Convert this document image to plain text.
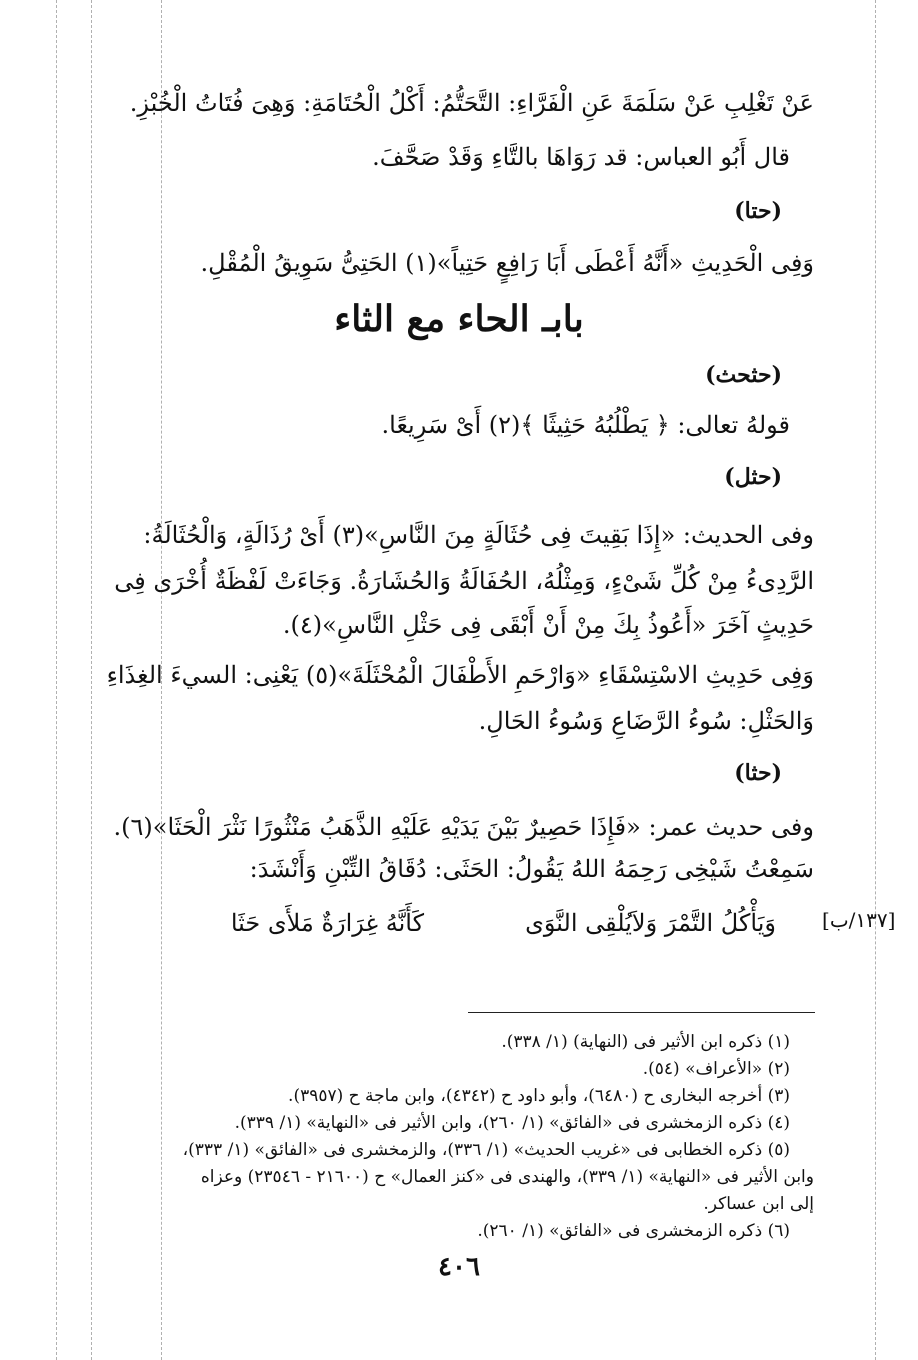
عَنْ تَغْلِبِ عَنْ سَلَمَةَ عَنِ الْفَرَّاءِ: التَّحَتُّمُ: أَكْلُ الْحُتَامَةِ: وَهِىَ فُتَاتُ الْخُبْزِ.
قال أَبُو العباس: قد رَوَاهَا بالتَّاءِ وَقَدْ صَحَّفَ.
(حتا)
وَفِى الْحَدِيثِ «أَنَّهُ أَعْطَى أَبَا رَافِعٍ حَتِياً»(١) الحَتِىُّ سَوِيقُ الْمُقْلِ.
بابـ الحاء مع الثاء
(حثحث)
قولهُ تعالى: ﴿ يَطْلُبُهُ حَثِيثًا ﴾(٢) أَىْ سَرِيعًا.
(حثل)
وفى الحديث: «إِذَا بَقِيتَ فِى حُثَالَةٍ مِنَ النَّاسِ»(٣) أَىْ رُذَالَةٍ، وَالْحُثَالَةُ:
الرَّدِىءُ مِنْ كُلِّ شَىْءٍ، وَمِثْلُهُ، الحُفَالَةُ وَالحُشَارَةُ. وَجَاءَتْ لَفْظَةٌ أُخْرَى فِى
حَدِيثٍ آخَرَ «أَعُوذُ بِكَ مِنْ أَنْ أَبْقَى فِى حَثْلِ النَّاسِ»(٤).
وَفِى حَدِيثِ الاسْتِسْقَاءِ «وَارْحَمِ الأَطْفَالَ الْمُحْثَلَةَ»(٥) يَعْنِى: السيءَ الغِذَاءِ
وَالحَثْلِ: سُوءُ الرَّضَاعِ وَسُوءُ الحَالِ.
(حثا)
وفى حديث عمر: «فَإِذَا حَصِيرٌ بَيْنَ يَدَيْهِ عَلَيْهِ الذَّهَبُ مَنْثُورًا نَثْرَ الْحَثَا»(٦).
سَمِعْتُ شَيْخِى رَحِمَهُ اللهُ يَقُولُ: الحَثَى: دُقَاقُ التِّبْنِ وَأَنْشَدَ:
وَيَأْكُلُ التَّمْرَ وَلاَيُلْقِى النَّوَى
كَأَنَّهُ غِرَارَةٌ مَلأَى حَثَا	[١٣٧/ب]
(١) ذكره ابن الأثير فى (النهاية) (١/ ٣٣٨).
(٢) «الأعراف» (٥٤).
(٣) أخرجه البخارى ح (٦٤٨٠)، وأبو داود ح (٤٣٤٢)، وابن ماجة ح (٣٩٥٧).
(٤) ذكره الزمخشرى فى «الفائق» (١/ ٢٦٠)، وابن الأثير فى «النهاية» (١/ ٣٣٩).
(٥) ذكره الخطابى فى «غريب الحديث» (١/ ٣٣٦)، والزمخشرى فى «الفائق» (١/ ٣٣٣)،
وابن الأثير فى «النهاية» (١/ ٣٣٩)، والهندى فى «كنز العمال» ح (٢١٦٠٠ - ٢٣٥٤٦) وعزاه
إلى ابن عساكر.
(٦) ذكره الزمخشرى فى «الفائق» (١/ ٢٦٠).
٤٠٦
